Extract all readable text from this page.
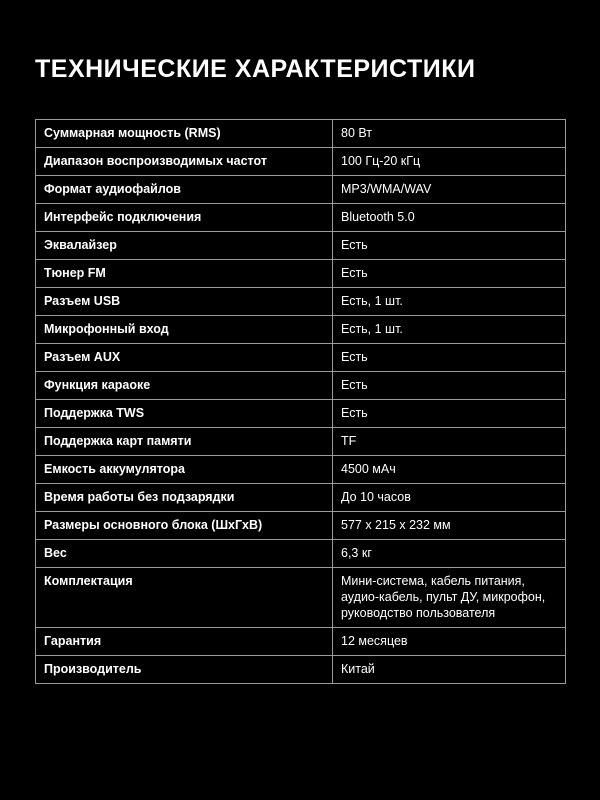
ТЕХНИЧЕСКИЕ ХАРАКТЕРИСТИКИ
Суммарная мощность (RMS)	80 Вт
Диапазон воспроизводимых частот	100 Гц-20 кГц
Формат аудиофайлов	MP3/WMA/WAV
Интерфейс подключения	Bluetooth 5.0
Эквалайзер	Есть
Тюнер FM	Есть
Разъем USB	Есть, 1 шт.
Микрофонный вход	Есть, 1 шт.
Разъем AUX	Есть
Функция караоке	Есть
Поддержка TWS	Есть
Поддержка карт памяти	TF
Емкость аккумулятора	4500 мАч
Время работы без подзарядки	До 10 часов
Размеры основного блока (ШхГхВ)	577 x 215 x 232 мм
Вес	6,3 кг
Комплектация	Мини-система, кабель питания, аудио-кабель, пульт ДУ, микрофон, руководство пользователя
Гарантия	12 месяцев
Производитель	Китай
